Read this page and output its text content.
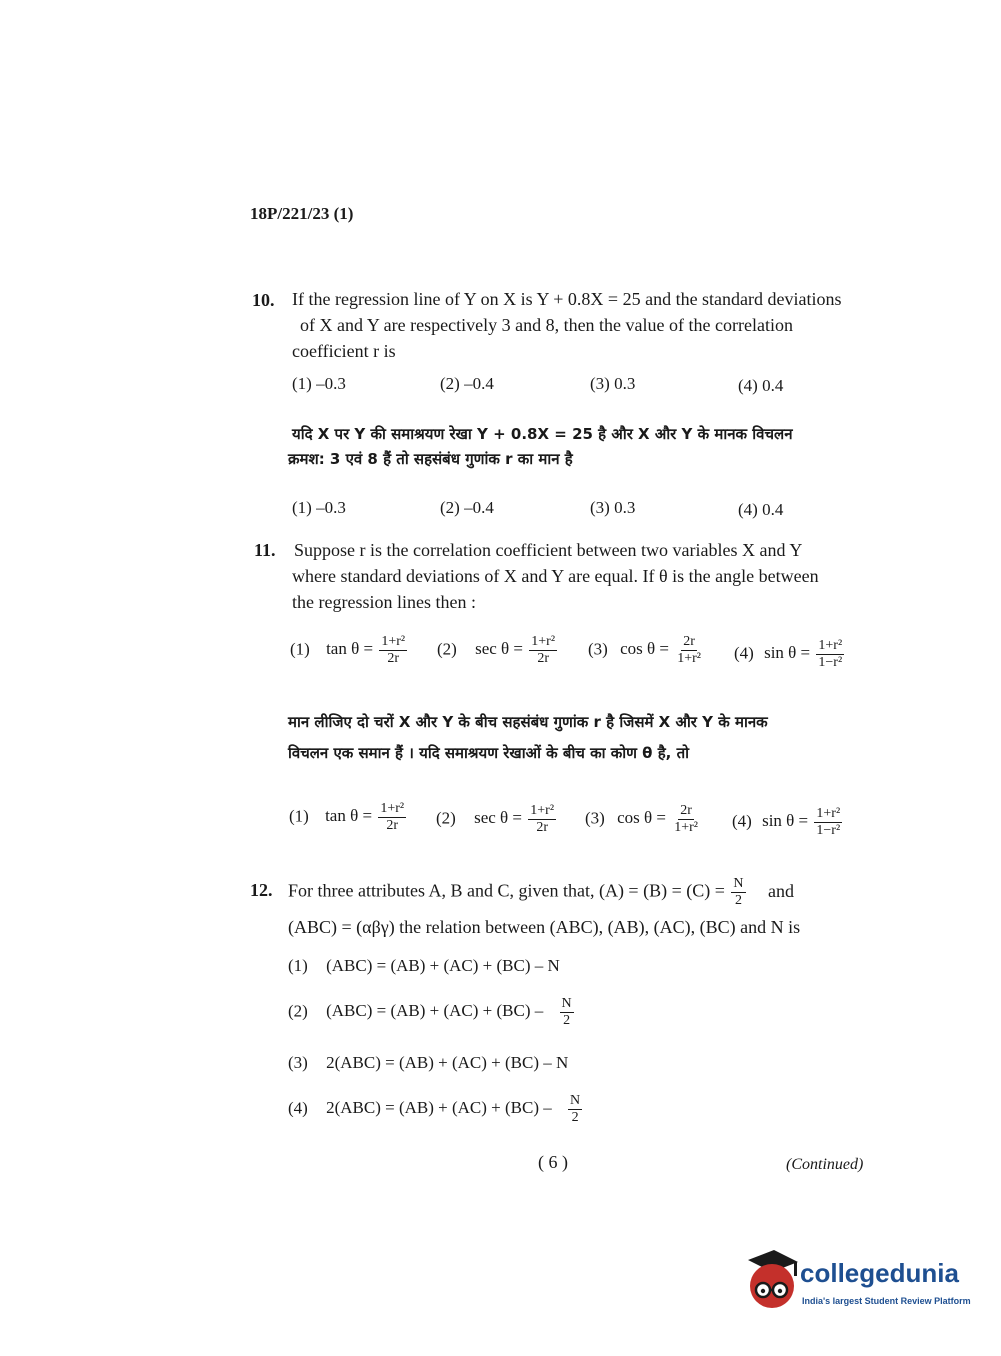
18P/221/23 (1)
10. If the regression line of Y on X is Y + 0.8X = 25 and the standard deviations
of X and Y are respectively 3 and 8, then the value of the correlation
coefficient r is
(1) –0.3	(2) –0.4	(3) 0.3	(4) 0.4
यदि X पर Y की समाश्रयण रेखा Y + 0.8X = 25 है और X और Y के मानक विचलन
क्रमश: 3 एवं 8 हैं तो सहसंबंध गुणांक r का मान है
(1) –0.3	(2) –0.4	(3) 0.3	(4) 0.4
11. Suppose r is the correlation coefficient between two variables X and Y
where standard deviations of X and Y are equal. If θ is the angle between
the regression lines then :
(1) $\tan \theta = \frac{\text{1+r²}}{2r} (2)$ $\sec \theta = \frac{\text{1+r²}}{2r} (3)$ $\cos \theta = \frac{2r}{\text{1+r²}} (4)$ $\sin \theta = \frac{\text{1+r²}}{\text{1−r²}}$
मान लीजिए दो चरों X और Y के बीच सहसंबंध गुणांक r है जिसमें X और Y के मानक
विचलन एक समान हैं । यदि समाश्रयण रेखाओं के बीच का कोण θ है, तो
(1) $\tan \theta = \frac{\text{1+r²}}{2r} (2)$ $\sec \theta = \frac{\text{1+r²}}{2r} (3)$ $\cos \theta = \frac{2r}{\text{1+r²}} (4)$ $\sin \theta = \frac{\text{1+r²}}{\text{1−r²}}$
12. For three attributes A, B and C, given that, $(A) = (B) = (C) = \frac{N}{2}$ and
(ABC) = (αβγ) the relation between (ABC), (AB), (AC), (BC) and N is
(1) (ABC) = (AB) + (AC) + (BC) – N
(2) $(ABC) = (AB) + (AC) + (BC) - \frac{N}{2}$
(3) 2(ABC) = (AB) + (AC) + (BC) – N
(4) $2(ABC) = (AB) + (AC) + (BC) - \frac{N}{2}$
( 6 )	(Continued)
collegedunia
India's largest Student Review Platform
